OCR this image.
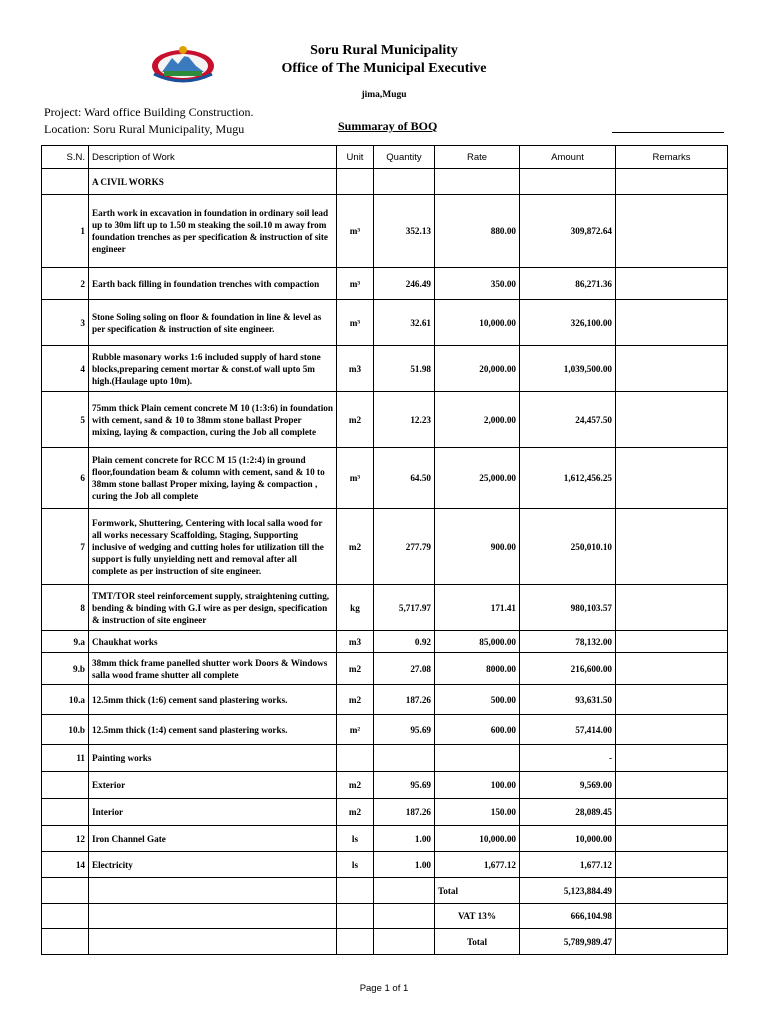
Soru Rural Municipality
Office of The Municipal Executive
jima,Mugu
Project: Ward office Building Construction.
Location: Soru Rural Municipality, Mugu	Summaray of BOQ
S.N.	Description of Work	Unit	Quantity	Rate	Amount	Remarks
	A CIVIL WORKS					
1	Earth work in excavation in foundation in ordinary soil lead up to 30m lift up to 1.50 m steaking the soil.10 m away from foundation trenches as per specification & instruction of site engineer	m³	352.13	880.00	309,872.64	
2	Earth back filling in foundation trenches with compaction	m³	246.49	350.00	86,271.36	
3	Stone Soling soling on floor & foundation in line & level as per specification & instruction of site engineer.	m³	32.61	10,000.00	326,100.00	
4	Rubble masonary works 1:6 included supply of hard stone blocks,preparing cement mortar & const.of wall upto 5m high.(Haulage upto 10m).	m3	51.98	20,000.00	1,039,500.00	
5	75mm thick Plain cement concrete M 10 (1:3:6) in foundation with cement, sand & 10 to 38mm stone ballast Proper mixing, laying & compaction, curing the Job all complete	m2	12.23	2,000.00	24,457.50	
6	Plain cement concrete for RCC M 15 (1:2:4) in ground floor,foundation beam & column with cement, sand & 10 to 38mm stone ballast Proper mixing, laying & compaction , curing the Job all complete	m³	64.50	25,000.00	1,612,456.25	
7	Formwork, Shuttering, Centering with local salla wood for all works necessary Scaffolding, Staging, Supporting inclusive of wedging and cutting holes for utilization till the support is fully unyielding nett and removal after all complete as per instruction of site engineer.	m2	277.79	900.00	250,010.10	
8	TMT/TOR steel reinforcement supply, straightening cutting, bending & binding with G.I wire as per design, specification & instruction of site engineer	kg	5,717.97	171.41	980,103.57	
9.a	Chaukhat works	m3	0.92	85,000.00	78,132.00	
9.b	38mm thick frame panelled shutter work Doors & Windows salla wood frame shutter all complete	m2	27.08	8000.00	216,600.00	
10.a	12.5mm thick (1:6) cement sand plastering works.	m2	187.26	500.00	93,631.50	
10.b	12.5mm thick (1:4) cement sand plastering works.	m²	95.69	600.00	57,414.00	
11	Painting works				-	
	Exterior	m2	95.69	100.00	9,569.00	
	Interior	m2	187.26	150.00	28,089.45	
12	Iron Channel Gate	ls	1.00	10,000.00	10,000.00	
14	Electricity	ls	1.00	1,677.12	1,677.12	
				Total	5,123,884.49	
				VAT 13%	666,104.98	
				Total	5,789,989.47	
Page 1 of 1
